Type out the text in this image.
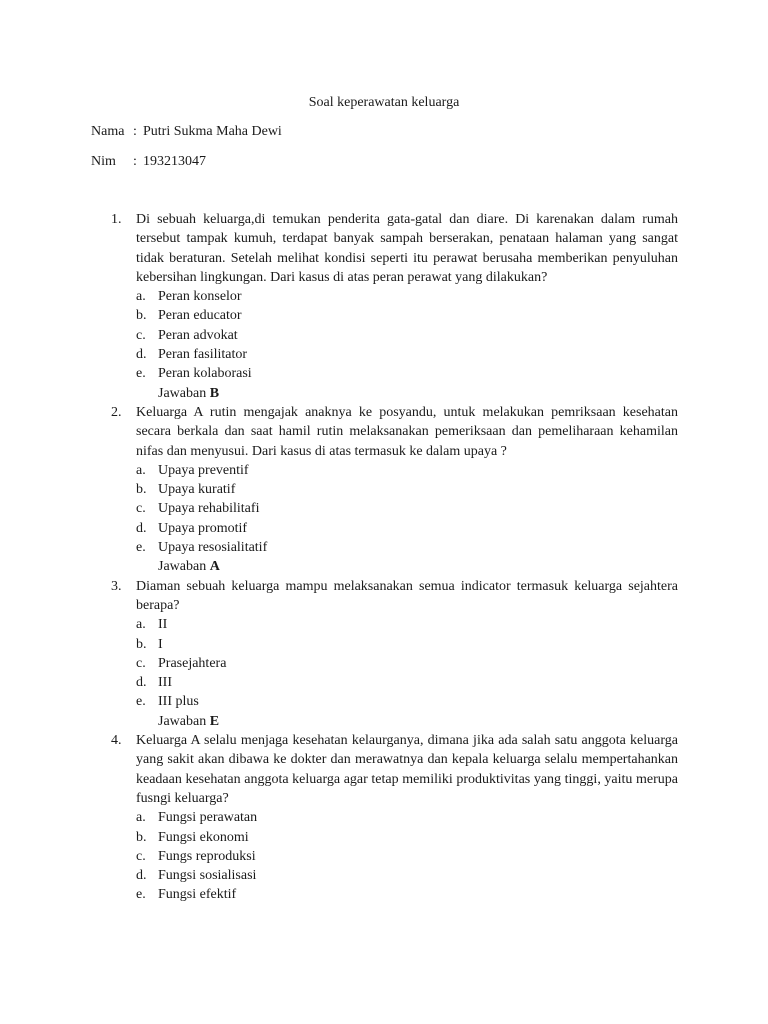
Soal keperawatan keluarga
Nama : Putri Sukma Maha Dewi
Nim : 193213047
1. Di sebuah keluarga,di temukan penderita gata-gatal dan diare. Di karenakan dalam rumah tersebut tampak kumuh, terdapat banyak sampah berserakan, penataan halaman yang sangat tidak beraturan. Setelah melihat kondisi seperti itu perawat berusaha memberikan penyuluhan kebersihan lingkungan. Dari kasus di atas peran perawat yang dilakukan?
a. Peran konselor
b. Peran educator
c. Peran advokat
d. Peran fasilitator
e. Peran kolaborasi
Jawaban B
2. Keluarga A rutin mengajak anaknya ke posyandu, untuk melakukan pemriksaan kesehatan secara berkala dan saat hamil rutin melaksanakan pemeriksaan dan pemeliharaan kehamilan nifas dan menyusui. Dari kasus di atas termasuk ke dalam upaya ?
a. Upaya preventif
b. Upaya kuratif
c. Upaya rehabilitafi
d. Upaya promotif
e. Upaya resosialitatif
Jawaban A
3. Diaman sebuah keluarga mampu melaksanakan semua indicator termasuk keluarga sejahtera berapa?
a. II
b. I
c. Prasejahtera
d. III
e. III plus
Jawaban E
4. Keluarga A selalu menjaga kesehatan kelaurganya, dimana jika ada salah satu anggota keluarga yang sakit akan dibawa ke dokter dan merawatnya dan kepala keluarga selalu mempertahankan keadaan kesehatan anggota keluarga agar tetap memiliki produktivitas yang tinggi, yaitu merupa fusngi keluarga?
a. Fungsi perawatan
b. Fungsi ekonomi
c. Fungs reproduksi
d. Fungsi sosialisasi
e. Fungsi efektif
